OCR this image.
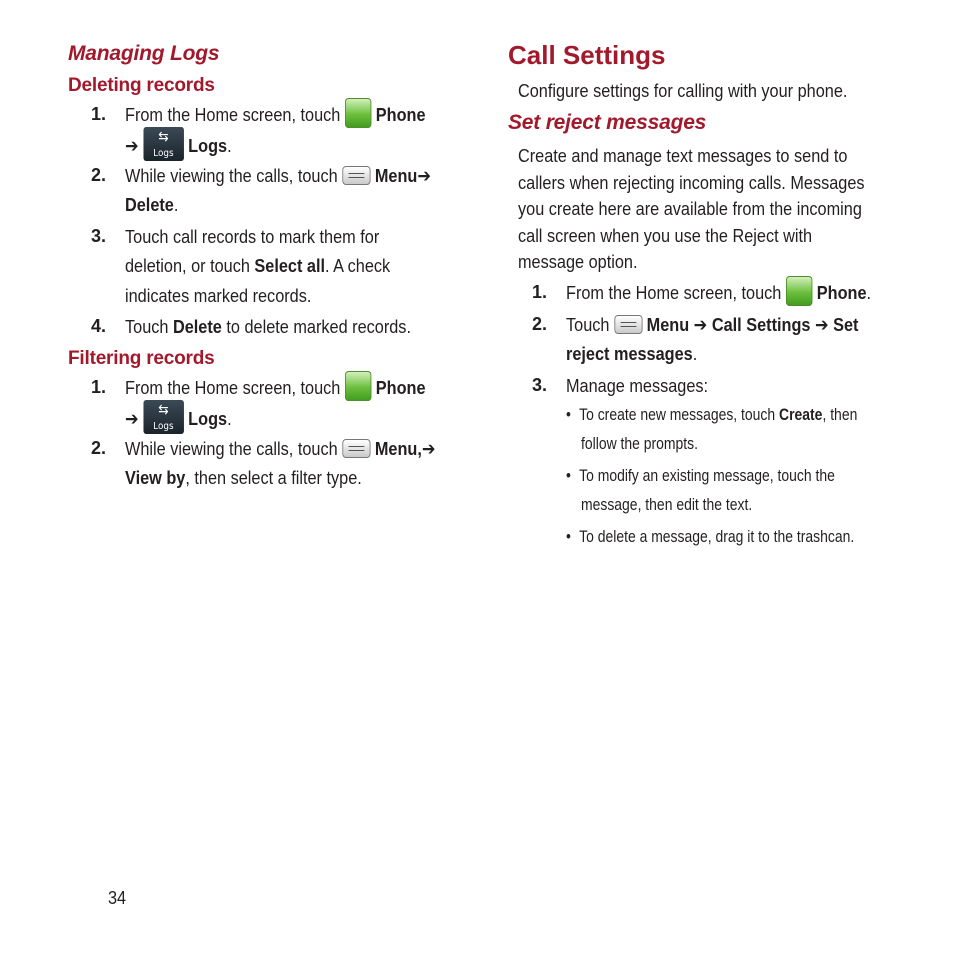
Managing Logs
Deleting records
1. From the Home screen, touch Phone
➔	⇆
Logs Logs.
2. While viewing the calls, touch Menu➔
Delete.
3. Touch call records to mark them for
deletion, or touch Select all. A check
indicates marked records.
4. Touch Delete to delete marked records.
Filtering records
1. From the Home screen, touch Phone
➔	⇆
Logs Logs.
2. While viewing the calls, touch Menu,➔
View by, then select a filter type.
Call Settings
Configure settings for calling with your phone.
Set reject messages
Create and manage text messages to send to
callers when rejecting incoming calls. Messages
you create here are available from the incoming
call screen when you use the Reject with
message option.
1. From the Home screen, touch Phone.
2. Touch Menu ➔ Call Settings ➔ Set
reject messages.
3. Manage messages:
• To create new messages, touch Create, then
follow the prompts.
• To modify an existing message, touch the
message, then edit the text.
• To delete a message, drag it to the trashcan.
34
